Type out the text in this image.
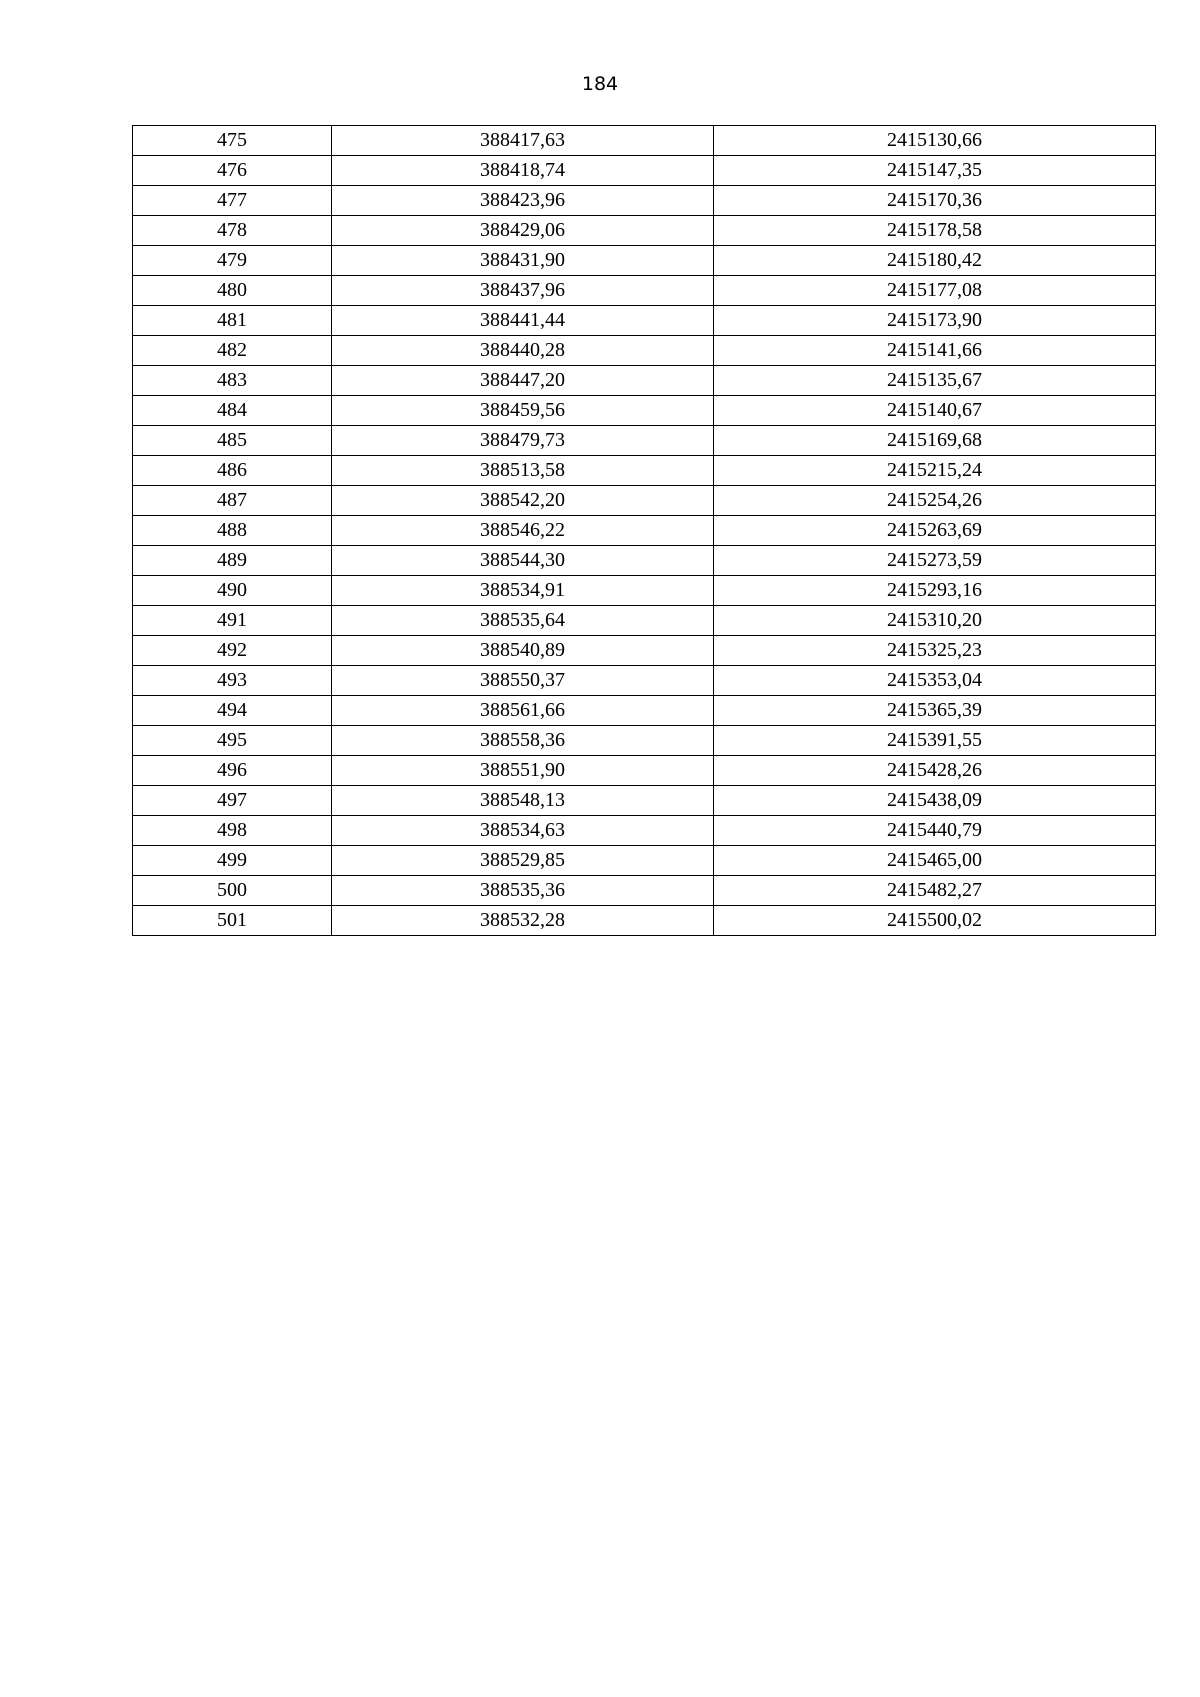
184
475	388417,63	2415130,66
476	388418,74	2415147,35
477	388423,96	2415170,36
478	388429,06	2415178,58
479	388431,90	2415180,42
480	388437,96	2415177,08
481	388441,44	2415173,90
482	388440,28	2415141,66
483	388447,20	2415135,67
484	388459,56	2415140,67
485	388479,73	2415169,68
486	388513,58	2415215,24
487	388542,20	2415254,26
488	388546,22	2415263,69
489	388544,30	2415273,59
490	388534,91	2415293,16
491	388535,64	2415310,20
492	388540,89	2415325,23
493	388550,37	2415353,04
494	388561,66	2415365,39
495	388558,36	2415391,55
496	388551,90	2415428,26
497	388548,13	2415438,09
498	388534,63	2415440,79
499	388529,85	2415465,00
500	388535,36	2415482,27
501	388532,28	2415500,02
